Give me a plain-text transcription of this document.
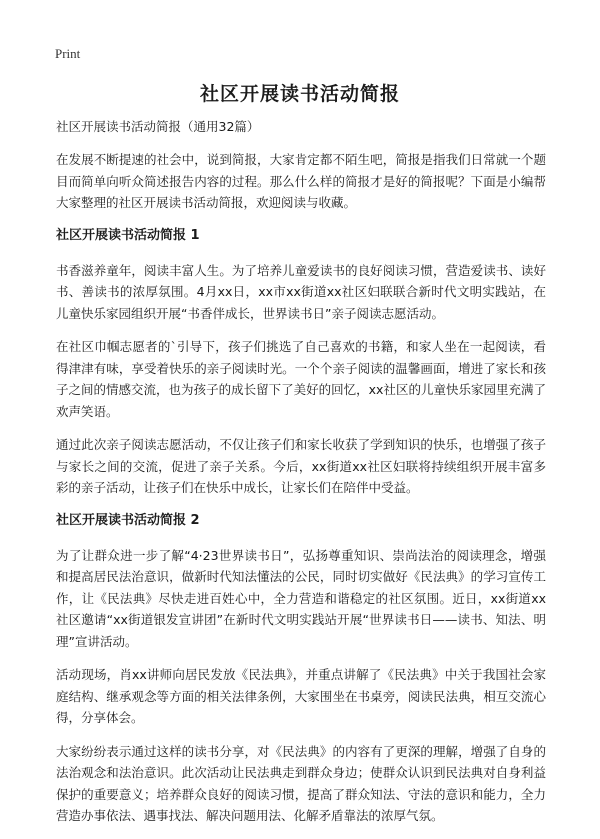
Print
社区开展读书活动简报

社区开展读书活动简报（通用32篇）

在发展不断提速的社会中，说到简报，大家肯定都不陌生吧，简报是指我们日常就一个题目而简单向听众简述报告内容的过程。那么什么样的简报才是好的简报呢？下面是小编帮大家整理的社区开展读书活动简报，欢迎阅读与收藏。

社区开展读书活动简报 1

书香滋养童年，阅读丰富人生。为了培养儿童爱读书的良好阅读习惯，营造爱读书、读好书、善读书的浓厚氛围。4月xx日，xx市xx街道xx社区妇联联合新时代文明实践站，在儿童快乐家园组织开展“书香伴成长，世界读书日”亲子阅读志愿活动。

在社区巾帼志愿者的`引导下，孩子们挑选了自己喜欢的书籍，和家人坐在一起阅读，看得津津有味，享受着快乐的亲子阅读时光。一个个亲子阅读的温馨画面，增进了家长和孩子之间的情感交流，也为孩子的成长留下了美好的回忆，xx社区的儿童快乐家园里充满了欢声笑语。

通过此次亲子阅读志愿活动，不仅让孩子们和家长收获了学到知识的快乐，也增强了孩子与家长之间的交流，促进了亲子关系。今后，xx街道xx社区妇联将持续组织开展丰富多彩的亲子活动，让孩子们在快乐中成长，让家长们在陪伴中受益。

社区开展读书活动简报 2

为了让群众进一步了解“4·23世界读书日”，弘扬尊重知识、崇尚法治的阅读理念，增强和提高居民法治意识，做新时代知法懂法的公民，同时切实做好《民法典》的学习宣传工作，让《民法典》尽快走进百姓心中，全力营造和谐稳定的社区氛围。近日，xx街道xx社区邀请“xx街道银发宣讲团”在新时代文明实践站开展“世界读书日——读书、知法、明理”宣讲活动。

活动现场，肖xx讲师向居民发放《民法典》，并重点讲解了《民法典》中关于我国社会家庭结构、继承观念等方面的相关法律条例，大家围坐在书桌旁，阅读民法典，相互交流心得，分享体会。

大家纷纷表示通过这样的读书分享，对《民法典》的内容有了更深的理解，增强了自身的 法治观念和法治意识。此次活动让民法典走到群众身边；使群众认识到民法典对自身利益保护的重要意义；培养群众良好的阅读习惯，提高了群众知法、守法的意识和能力，全力营造办事依法、遇事找法、解决问题用法、化解矛盾靠法的浓厚气氛。
